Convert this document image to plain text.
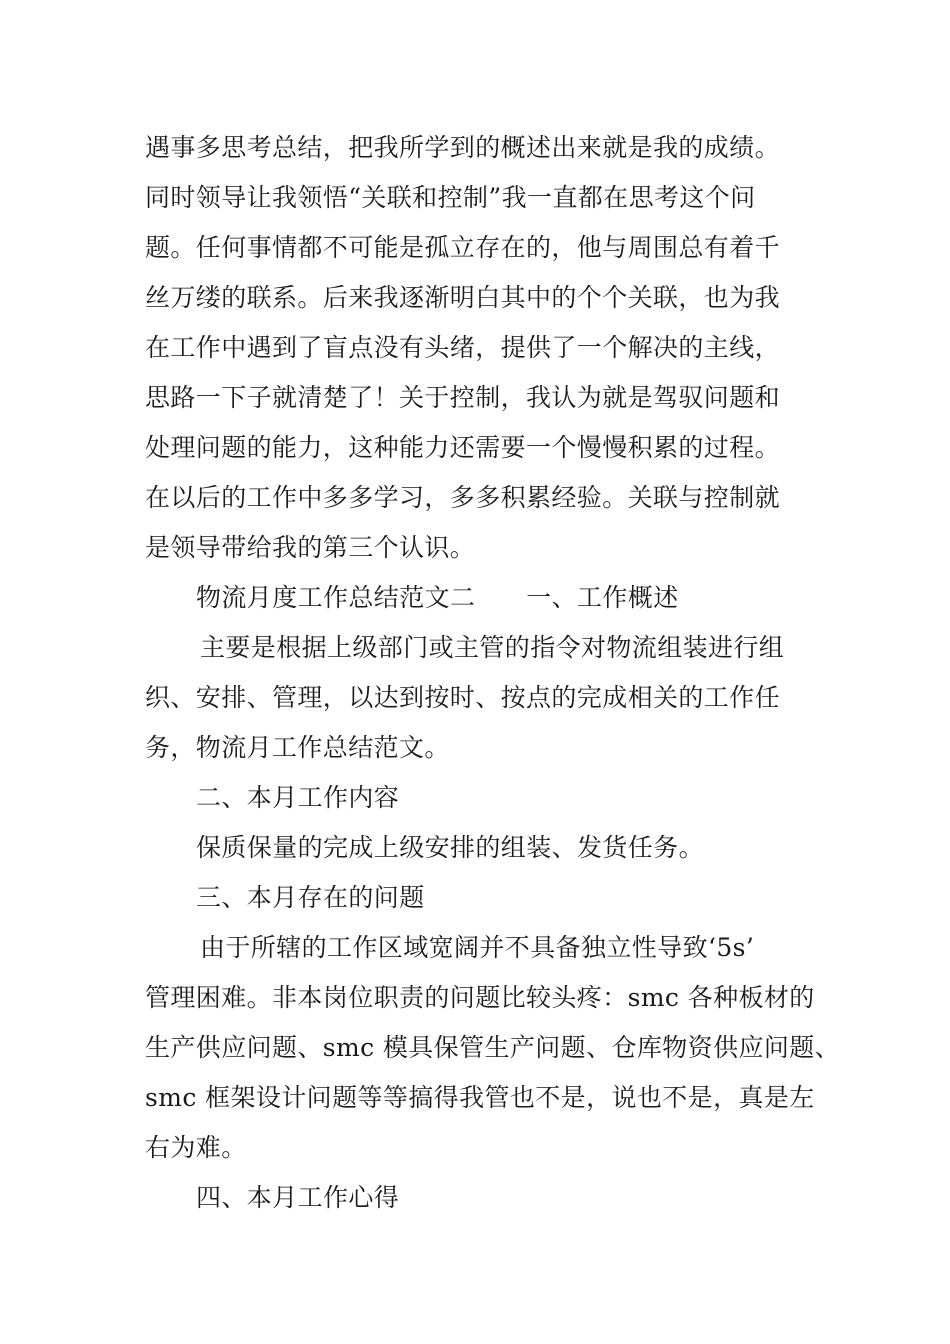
遇事多思考总结，把我所学到的概述出来就是我的成绩。
同时领导让我领悟“关联和控制”我一直都在思考这个问
题。任何事情都不可能是孤立存在的，他与周围总有着千
丝万缕的联系。后来我逐渐明白其中的个个关联，也为我
在工作中遇到了盲点没有头绪，提供了一个解决的主线，
思路一下子就清楚了！关于控制，我认为就是驾驭问题和
处理问题的能力，这种能力还需要一个慢慢积累的过程。
在以后的工作中多多学习，多多积累经验。关联与控制就
是领导带给我的第三个认识。
物流月度工作总结范文二　　一、工作概述
主要是根据上级部门或主管的指令对物流组装进行组
织、安排、管理，以达到按时、按点的完成相关的工作任
务，物流月工作总结范文。
二、本月工作内容
保质保量的完成上级安排的组装、发货任务。
三、本月存在的问题
由于所辖的工作区域宽阔并不具备独立性导致‘5s’
管理困难。非本岗位职责的问题比较头疼：smc 各种板材的
生产供应问题、smc 模具保管生产问题、仓库物资供应问题、
smc 框架设计问题等等搞得我管也不是，说也不是，真是左
右为难。
四、本月工作心得
